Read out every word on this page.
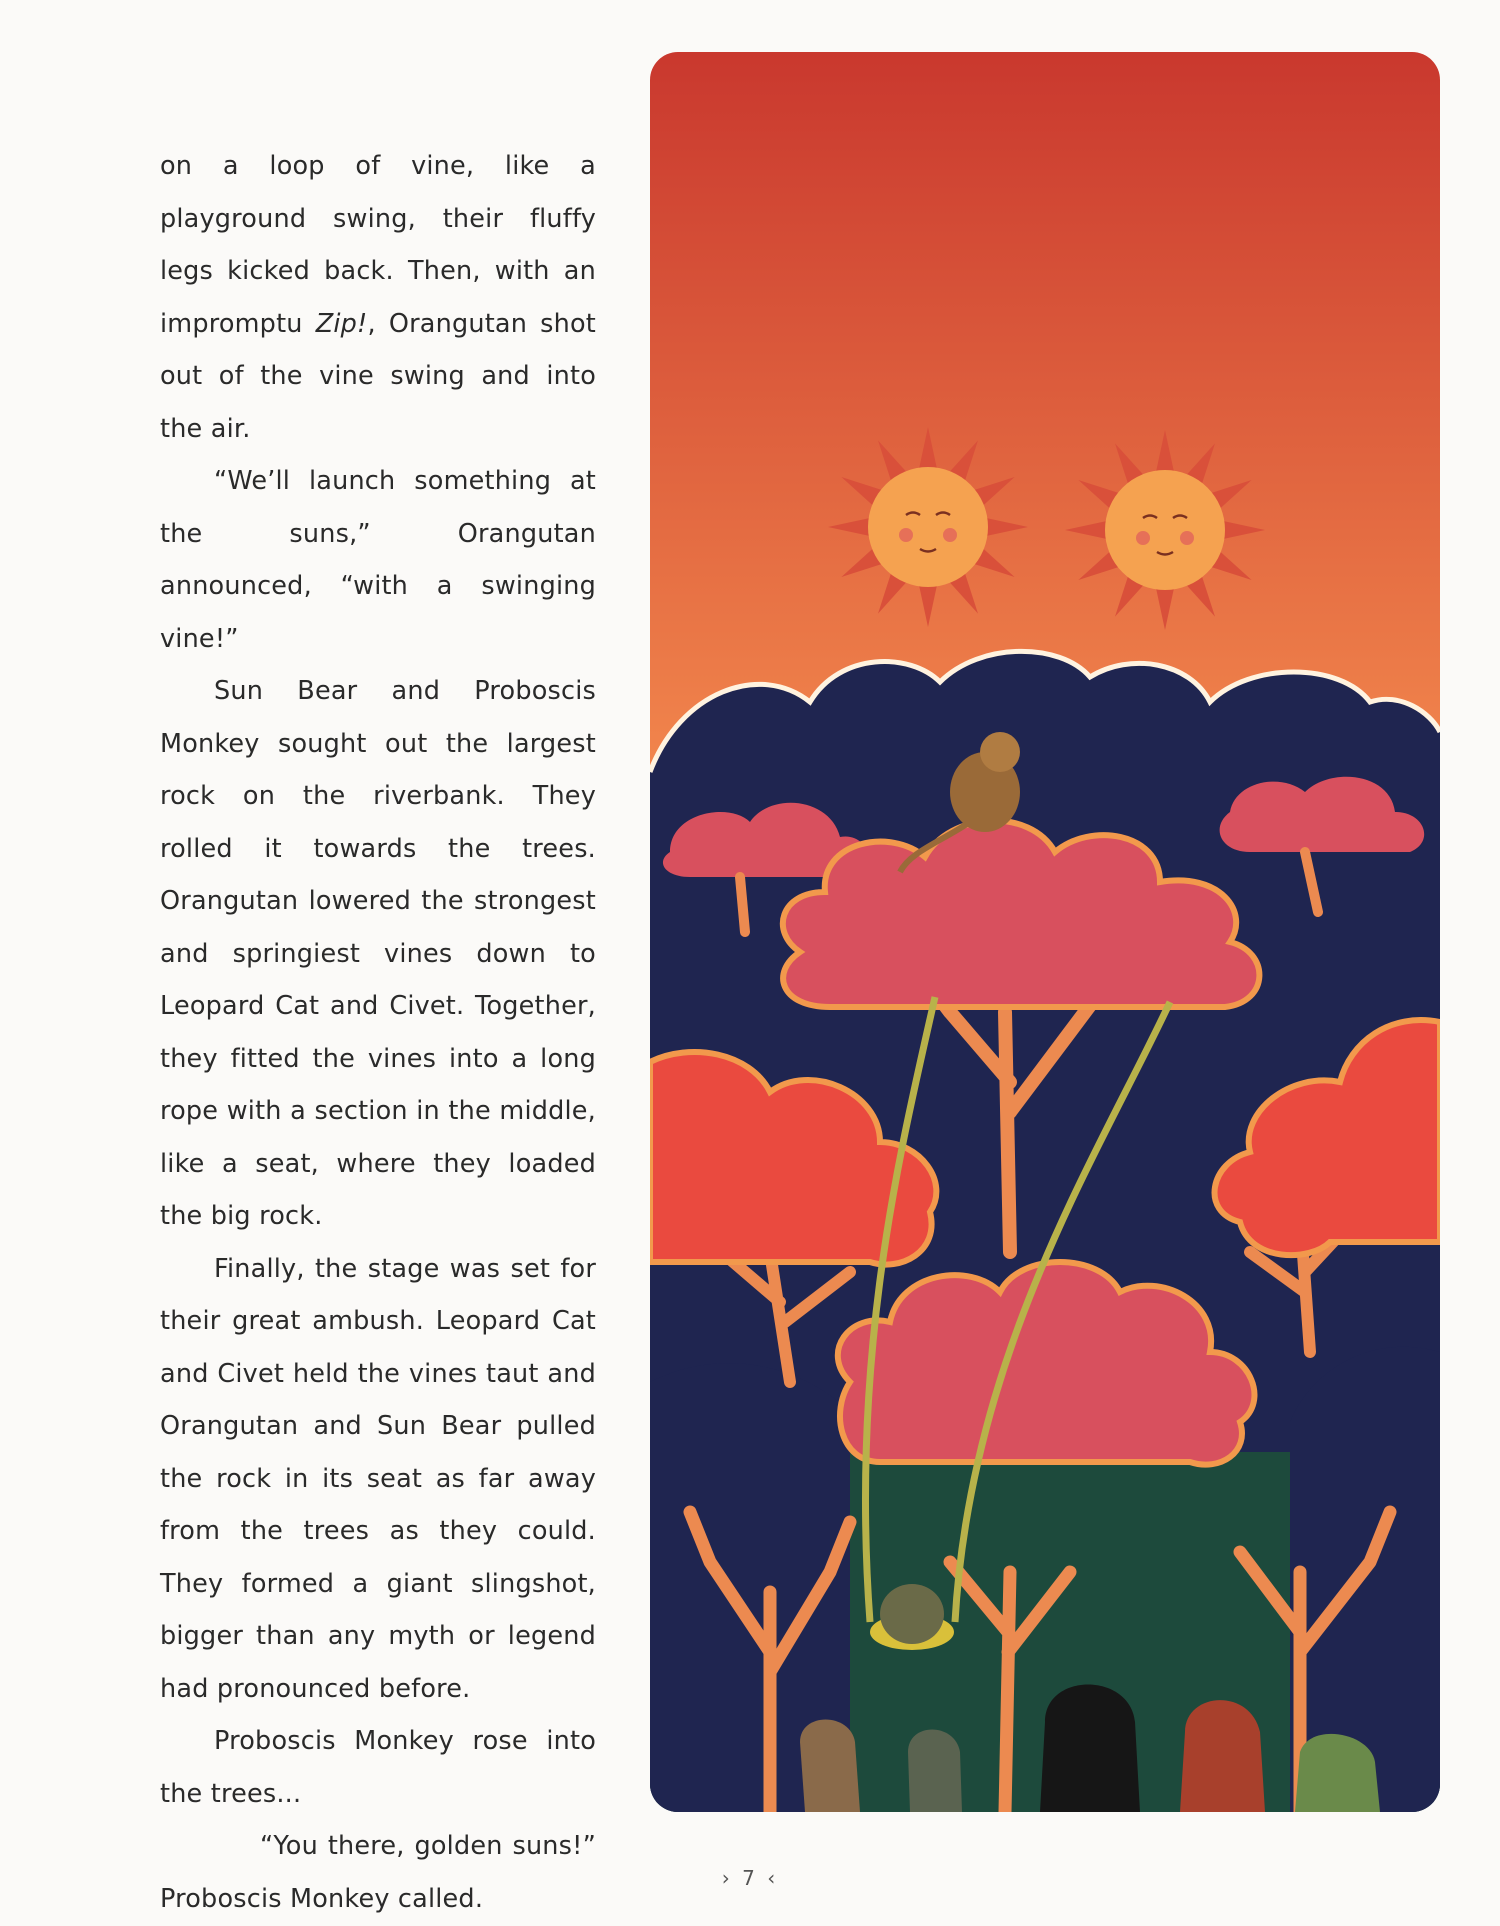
on a loop of vine, like a playground swing, their fluffy legs kicked back. Then, with an impromptu Zip!, Orangutan shot out of the vine swing and into the air.

“We’ll launch something at the suns,” Orangutan announced, “with a swinging vine!”

Sun Bear and Proboscis Monkey sought out the largest rock on the riverbank. They rolled it towards the trees. Orangutan lowered the strongest and springiest vines down to Leopard Cat and Civet. Together, they fitted the vines into a long rope with a section in the middle, like a seat, where they loaded the big rock.

Finally, the stage was set for their great ambush. Leopard Cat and Civet held the vines taut and Orangutan and Sun Bear pulled the rock in its seat as far away from the trees as they could. They formed a giant slingshot, bigger than any myth or legend had pronounced before.

Proboscis Monkey rose into the trees...

“You there, golden suns!” Proboscis Monkey called.

› 7 ‹
